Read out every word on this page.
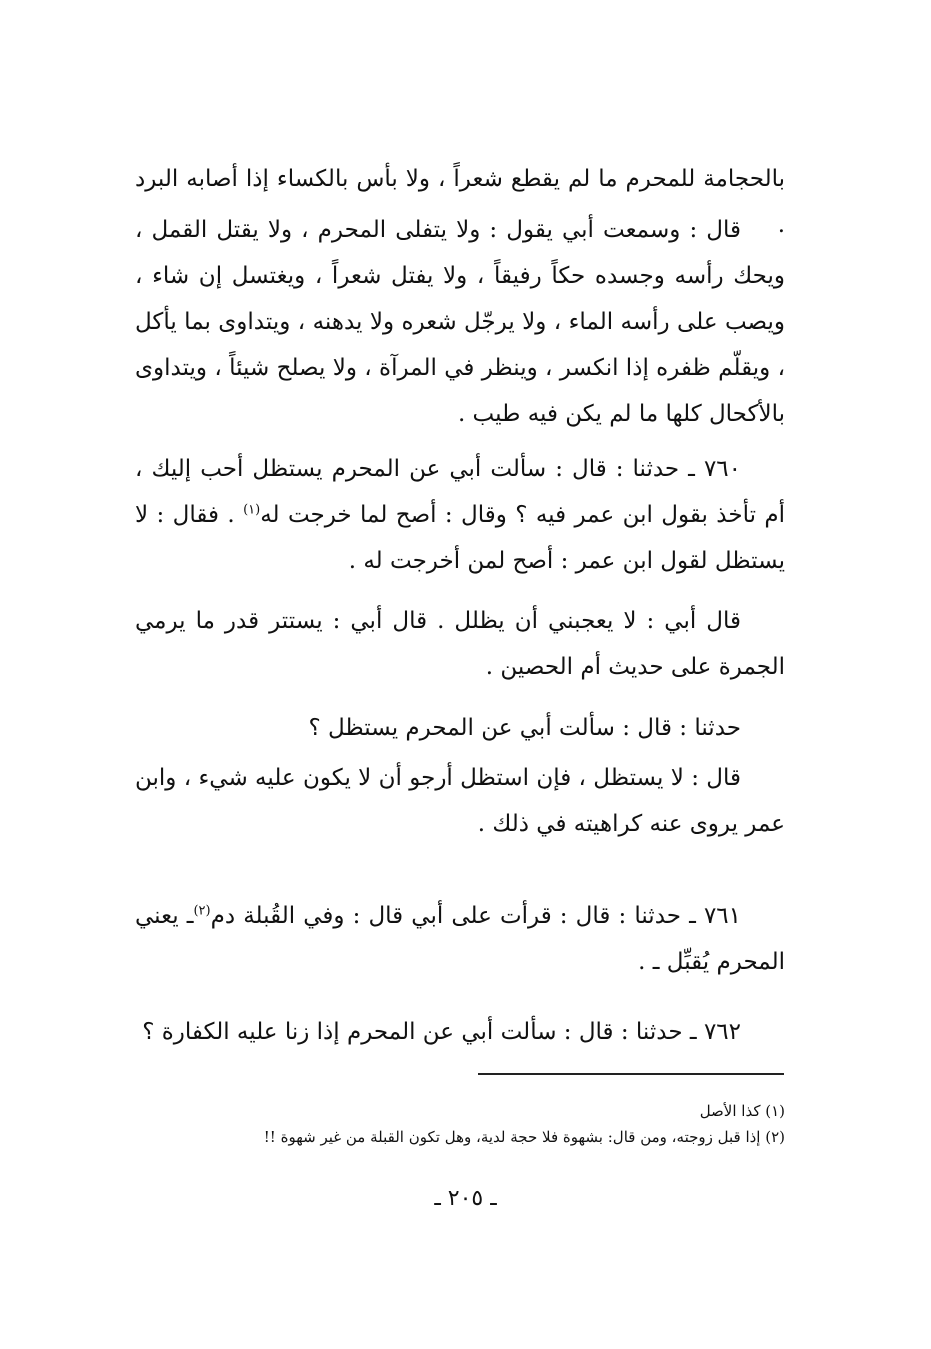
بالحجامة للمحرم ما لم يقطع شعراً ، ولا بأس بالكساء إذا أصابه البرد .

قال : وسمعت أبي يقول : ولا يتفلى المحرم ، ولا يقتل القمل ، ويحك رأسه وجسده حكاً رفيقاً ، ولا يفتل شعراً ، ويغتسل إن شاء ، ويصب على رأسه الماء ، ولا يرجّل شعره ولا يدهنه ، ويتداوى بما يأكل ، ويقلّم ظفره إذا انكسر ، وينظر في المرآة ، ولا يصلح شيئاً ، ويتداوى بالأكحال كلها ما لم يكن فيه طيب .

٧٦٠ ـ حدثنا : قال : سألت أبي عن المحرم يستظل أحب إليك ، أم تأخذ بقول ابن عمر فيه ؟ وقال : أصح لما خرجت له$^{(١)}$ . فقال : لا يستظل لقول ابن عمر : أصح لمن أخرجت له .

قال أبي : لا يعجبني أن يظلل . قال أبي : يستتر قدر ما يرمي الجمرة على حديث أم الحصين .

حدثنا : قال : سألت أبي عن المحرم يستظل ؟

قال : لا يستظل ، فإن استظل أرجو أن لا يكون عليه شيء ، وابن عمر يروى عنه كراهيته في ذلك .

٧٦١ ـ حدثنا : قال : قرأت على أبي قال : وفي القُبلة دم$^{(٢)}$ـ يعني المحرم يُقبِّل ـ .

٧٦٢ ـ حدثنا : قال : سألت أبي عن المحرم إذا زنا عليه الكفارة ؟

(١) كذا الأصل

(٢) إذا قبل زوجته، ومن قال: بشهوة فلا حجة لدية، وهل تكون القبلة من غير شهوة !!

ـ ٢٠٥ ـ
